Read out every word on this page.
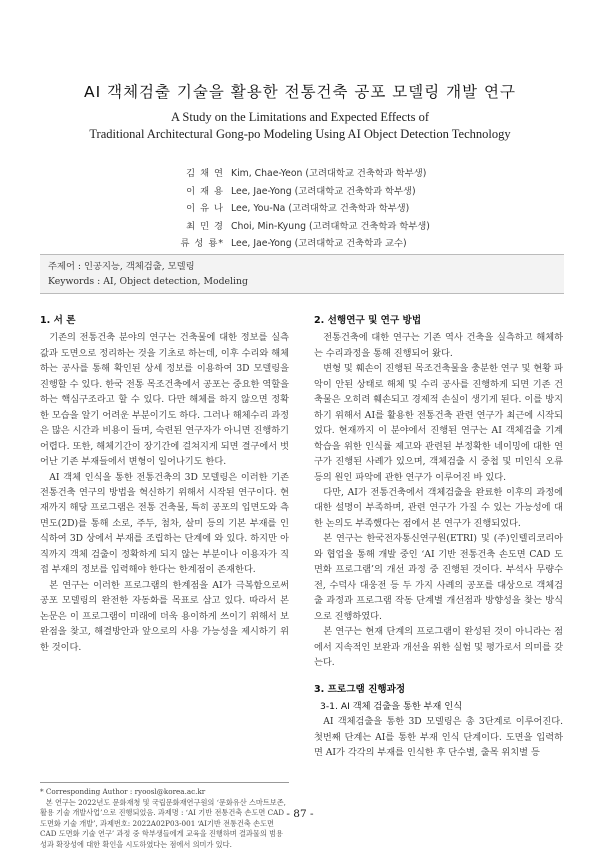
AI 객체검출 기술을 활용한 전통건축 공포 모델링 개발 연구
A Study on the Limitations and Expected Effects of
Traditional Architectural Gong-po Modeling Using AI Object Detection Technology
김 채 연 Kim, Chae-Yeon (고려대학교 건축학과 학부생)
이 재 용 Lee, Jae-Yong (고려대학교 건축학과 학부생)
이 유 나 Lee, You-Na (고려대학교 건축학과 학부생)
최 민 경 Choi, Min-Kyung (고려대학교 건축학과 학부생)
류 성 룡* Lee, Jae-Yong (고려대학교 건축학과 교수)
주제어 : 인공지능, 객체검출, 모델링
Keywords : AI, Object detection, Modeling
1. 서 론

기존의 전통건축 분야의 연구는 건축물에 대한 정보를 실측값과 도면으로 정리하는 것을 기초로 하는데, 이후 수리와 해체하는 공사를 통해 확인된 상세 정보를 이용하여 3D 모델링을 진행할 수 있다. 한국 전통 목조건축에서 공포는 중요한 역할을 하는 핵심구조라고 할 수 있다. 다만 해체를 하지 않으면 정확한 모습을 알기 어려운 부분이기도 하다. 그러나 해체수리 과정은 많은 시간과 비용이 들며, 숙련된 연구자가 아니면 진행하기 어렵다. 또한, 해체기간이 장기간에 걸쳐지게 되면 결구에서 벗어난 기존 부재들에서 변형이 일어나기도 한다.

AI 객체 인식을 통한 전통건축의 3D 모델링은 이러한 기존 전통건축 연구의 방법을 혁신하기 위해서 시작된 연구이다. 현재까지 해당 프로그램은 전통 건축물, 특히 공포의 입면도와 측면도(2D)를 통해 소로, 주두, 첨차, 살미 등의 기본 부재를 인식하여 3D 상에서 부재를 조립하는 단계에 와 있다. 하지만 아직까지 객체 검출이 정확하게 되지 않는 부분이나 이용자가 직접 부재의 정보를 입력해야 한다는 한계점이 존재한다.

본 연구는 이러한 프로그램의 한계점을 AI가 극복함으로써 공포 모델링의 완전한 자동화를 목표로 삼고 있다. 따라서 본 논문은 이 프로그램이 미래에 더욱 용이하게 쓰이기 위해서 보완점을 찾고, 해결방안과 앞으로의 사용 가능성을 제시하기 위한 것이다.

2. 선행연구 및 연구 방법

전통건축에 대한 연구는 기존 역사 건축을 실측하고 해체하는 수리과정을 통해 진행되어 왔다.

변형 및 훼손이 진행된 목조건축물을 충분한 연구 및 현황 파악이 안된 상태로 해체 및 수리 공사를 진행하게 되면 기존 건축물은 오히려 훼손되고 경제적 손실이 생기게 된다. 이를 방지하기 위해서 AI를 활용한 전통건축 관련 연구가 최근에 시작되었다. 현재까지 이 분야에서 진행된 연구는 AI 객체검출 기계학습을 위한 인식률 제고와 관련된 부정확한 네이밍에 대한 연구가 진행된 사례가 있으며, 객체검출 시 중첩 및 미인식 오류 등의 원인 파악에 관한 연구가 이루어진 바 있다.

다만, AI가 전통건축에서 객체검출을 완료한 이후의 과정에 대한 설명이 부족하며, 관련 연구가 가질 수 있는 가능성에 대한 논의도 부족했다는 점에서 본 연구가 진행되었다.

본 연구는 한국전자통신연구원(ETRI) 및 (주)인텔리코리아와 협업을 통해 개발 중인 ‘AI 기반 전통건축 손도면 CAD 도면화 프로그램’의 개선 과정 중 진행된 것이다. 부석사 무량수전, 수덕사 대웅전 등 두 가지 사례의 공포를 대상으로 객체검출 과정과 프로그램 작동 단계별 개선점과 방향성을 찾는 방식으로 진행하였다.

본 연구는 현재 단계의 프로그램이 완성된 것이 아니라는 점에서 지속적인 보완과 개선을 위한 실험 및 평가로서 의미를 갖는다.

3. 프로그램 진행과정
3-1. AI 객체 검출을 통한 부재 인식

AI 객체검출을 통한 3D 모델링은 총 3단계로 이루어진다. 첫번째 단계는 AI를 통한 부재 인식 단계이다. 도면을 입력하면 AI가 각각의 부재를 인식한 후 단수별, 출목 위치별 등

* Corresponding Author : ryoosl@korea.ac.kr
본 연구는 2022년도 문화재청 및 국립문화재연구원의 ‘문화유산 스마트보존, 활용 기술 개발사업’으로 진행되었음. 과제명 : ‘AI 기반 전통건축 손도면 CAD 도면화 기술 개발’, 과제번호: 2022A02P03-001 ‘AI기반 전통건축 손도면 CAD 도면화 기술 연구’ 과정 중 학부생들에게 교육을 진행하며 결과물의 범용성과 확장성에 대한 확인을 시도하였다는 점에서 의미가 있다.
- 87 -
